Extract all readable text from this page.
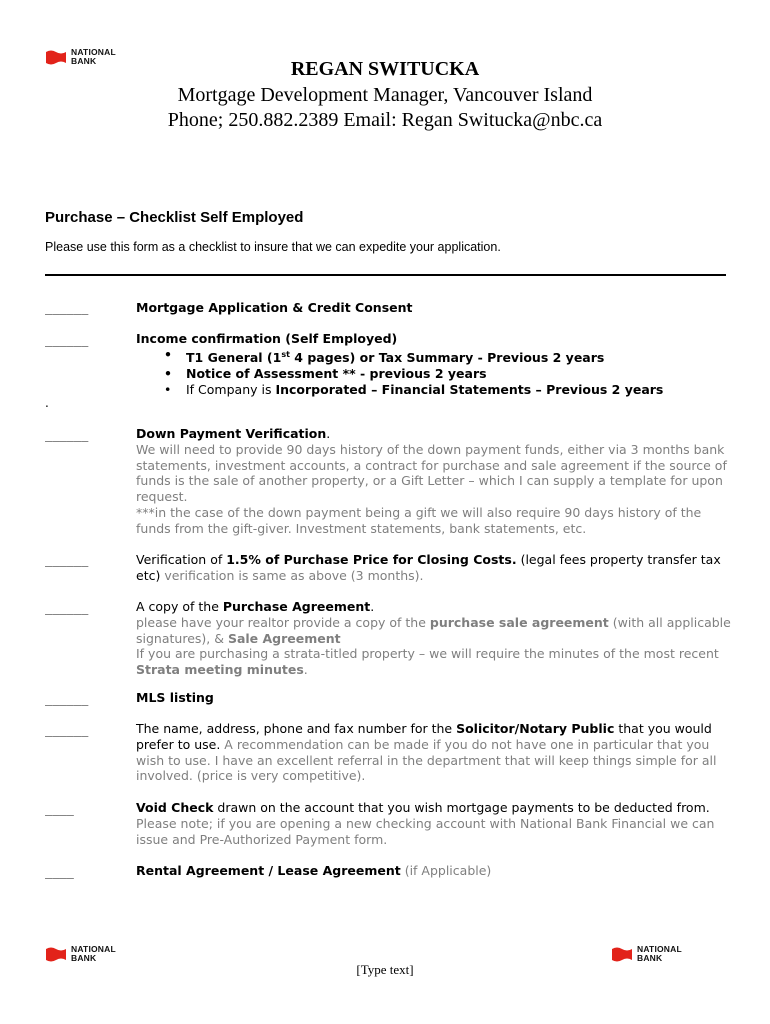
NATIONAL
BANK	REGAN SWITUCKA
Mortgage Development Manager, Vancouver Island
Phone; 250.882.2389 Email: Regan Switucka@nbc.ca
Purchase – Checklist Self Employed
Please use this form as a checklist to insure that we can expedite your application.
______	Mortgage Application & Credit Consent
______	Income confirmation (Self Employed)
• T1 General (1st 4 pages) or Tax Summary - Previous 2 years
• Notice of Assessment ** - previous 2 years
• If Company is Incorporated – Financial Statements – Previous 2 years
.
______	Down Payment Verification.
We will need to provide 90 days history of the down payment funds, either via 3 months bank statements, investment accounts, a contract for purchase and sale agreement if the source of funds is the sale of another property, or a Gift Letter – which I can supply a template for upon request.
***in the case of the down payment being a gift we will also require 90 days history of the funds from the gift-giver. Investment statements, bank statements, etc.
______	Verification of 1.5% of Purchase Price for Closing Costs. (legal fees property transfer tax etc) verification is same as above (3 months).
______	A copy of the Purchase Agreement.
please have your realtor provide a copy of the purchase sale agreement (with all applicable signatures), & Sale Agreement
If you are purchasing a strata-titled property – we will require the minutes of the most recent Strata meeting minutes.
______	MLS listing
______	The name, address, phone and fax number for the Solicitor/Notary Public that you would prefer to use. A recommendation can be made if you do not have one in particular that you wish to use. I have an excellent referral in the department that will keep things simple for all involved. (price is very competitive).
____	Void Check drawn on the account that you wish mortgage payments to be deducted from.
Please note; if you are opening a new checking account with National Bank Financial we can issue and Pre-Authorized Payment form.
____	Rental Agreement / Lease Agreement (if Applicable)
NATIONAL
BANK
NATIONAL
BANK
[Type text]
